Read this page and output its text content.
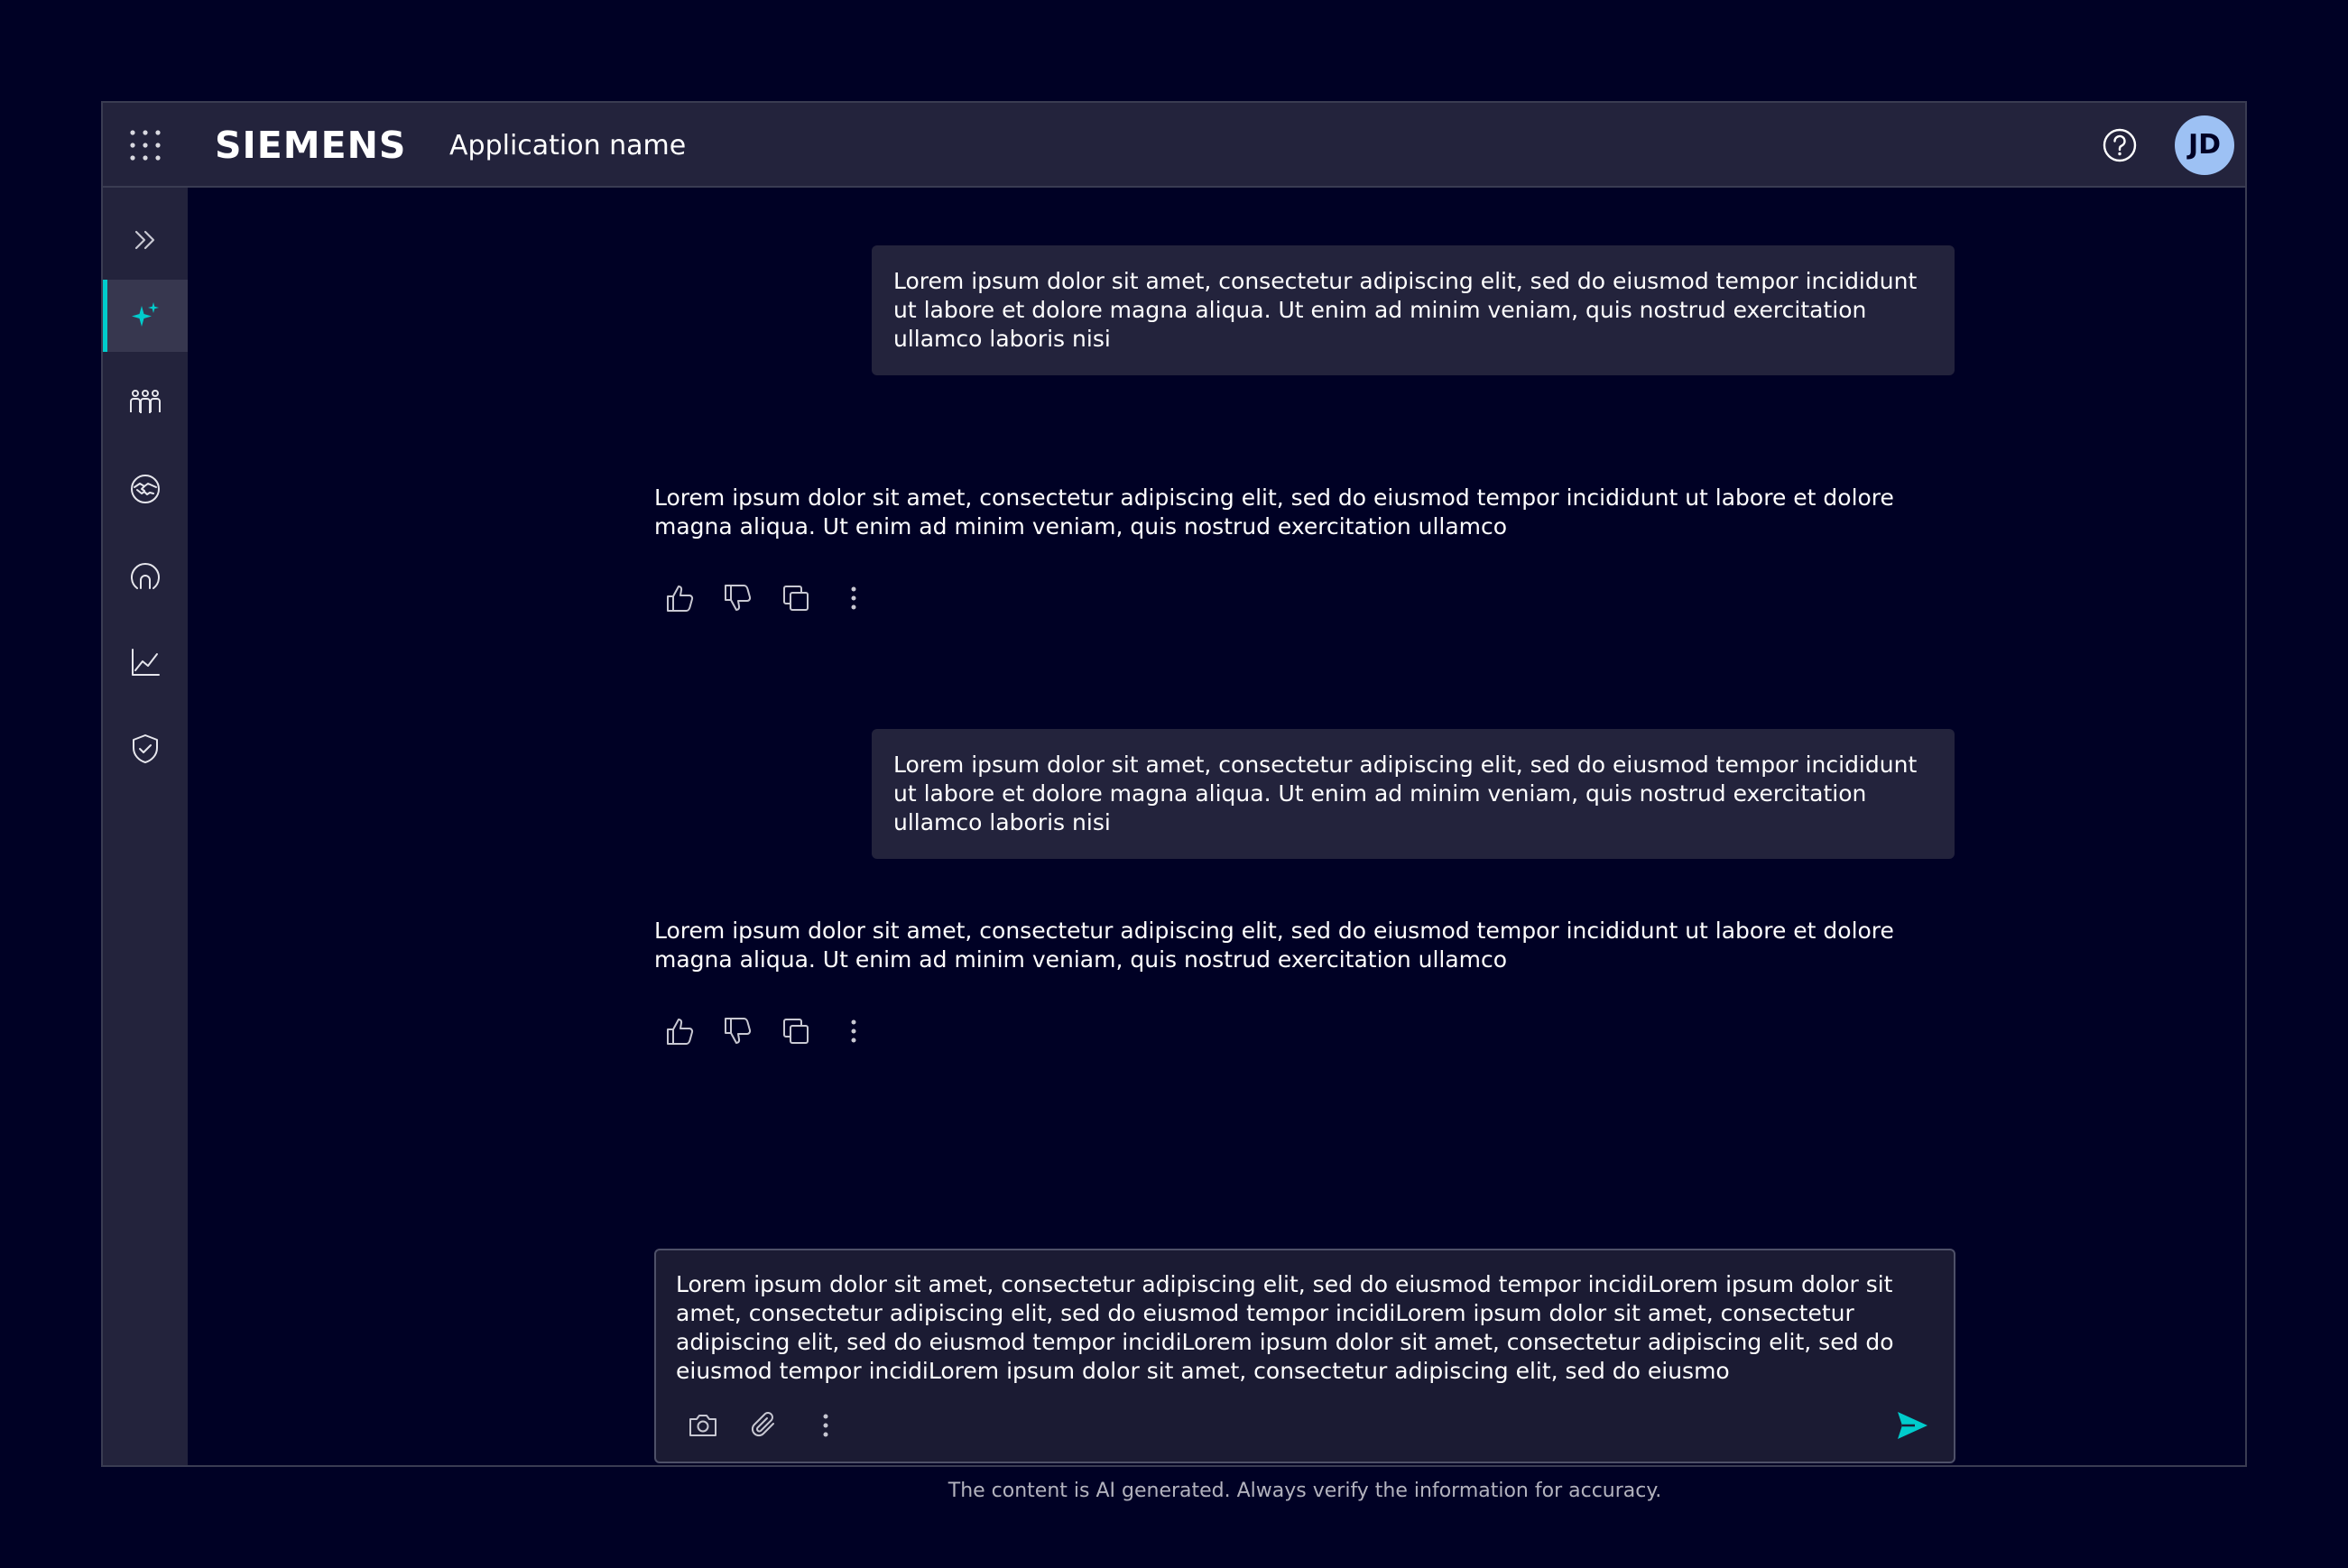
SIEMENS Application name	JD
Lorem ipsum dolor sit amet, consectetur adipiscing elit, sed do eiusmod tempor incididunt ut labore et dolore magna aliqua. Ut enim ad minim veniam, quis nostrud exercitation ullamco laboris nisi
Lorem ipsum dolor sit amet, consectetur adipiscing elit, sed do eiusmod tempor incididunt ut labore et dolore magna aliqua. Ut enim ad minim veniam, quis nostrud exercitation ullamco
Lorem ipsum dolor sit amet, consectetur adipiscing elit, sed do eiusmod tempor incididunt ut labore et dolore magna aliqua. Ut enim ad minim veniam, quis nostrud exercitation ullamco laboris nisi
Lorem ipsum dolor sit amet, consectetur adipiscing elit, sed do eiusmod tempor incididunt ut labore et dolore magna aliqua. Ut enim ad minim veniam, quis nostrud exercitation ullamco
Lorem ipsum dolor sit amet, consectetur adipiscing elit, sed do eiusmod tempor incidiLorem ipsum dolor sit amet, consectetur adipiscing elit, sed do eiusmod tempor incidiLorem ipsum dolor sit amet, consectetur adipiscing elit, sed do eiusmod tempor incidiLorem ipsum dolor sit amet, consectetur adipiscing elit, sed do eiusmod tempor incidiLorem ipsum dolor sit amet, consectetur adipiscing elit, sed do eiusmo
The content is AI generated. Always verify the information for accuracy.
